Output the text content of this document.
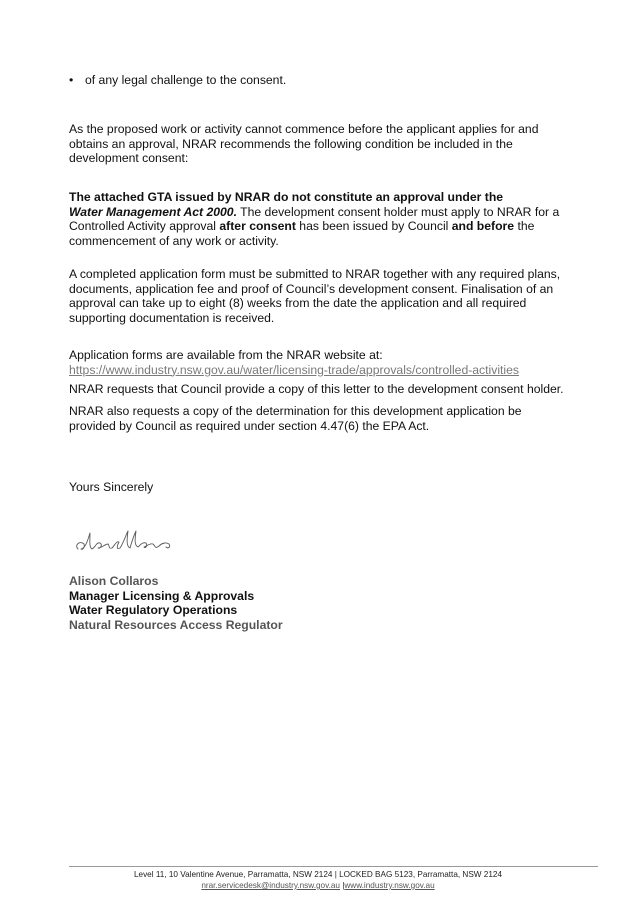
• of any legal challenge to the consent.
As the proposed work or activity cannot commence before the applicant applies for and obtains an approval, NRAR recommends the following condition be included in the development consent:
The attached GTA issued by NRAR do not constitute an approval under the
Water Management Act 2000. The development consent holder must apply to NRAR for a Controlled Activity approval after consent has been issued by Council and before the commencement of any work or activity.
A completed application form must be submitted to NRAR together with any required plans, documents, application fee and proof of Council’s development consent. Finalisation of an approval can take up to eight (8) weeks from the date the application and all required supporting documentation is received.
Application forms are available from the NRAR website at:
https://www.industry.nsw.gov.au/water/licensing-trade/approvals/controlled-activities
NRAR requests that Council provide a copy of this letter to the development consent holder.
NRAR also requests a copy of the determination for this development application be provided by Council as required under section 4.47(6) the EPA Act.
Yours Sincerely
Alison Collaros
Manager Licensing & Approvals
Water Regulatory Operations
Natural Resources Access Regulator
Level 11, 10 Valentine Avenue, Parramatta, NSW 2124 | LOCKED BAG 5123, Parramatta, NSW 2124
nrar.servicedesk@industry.nsw.gov.au |www.industry.nsw.gov.au
